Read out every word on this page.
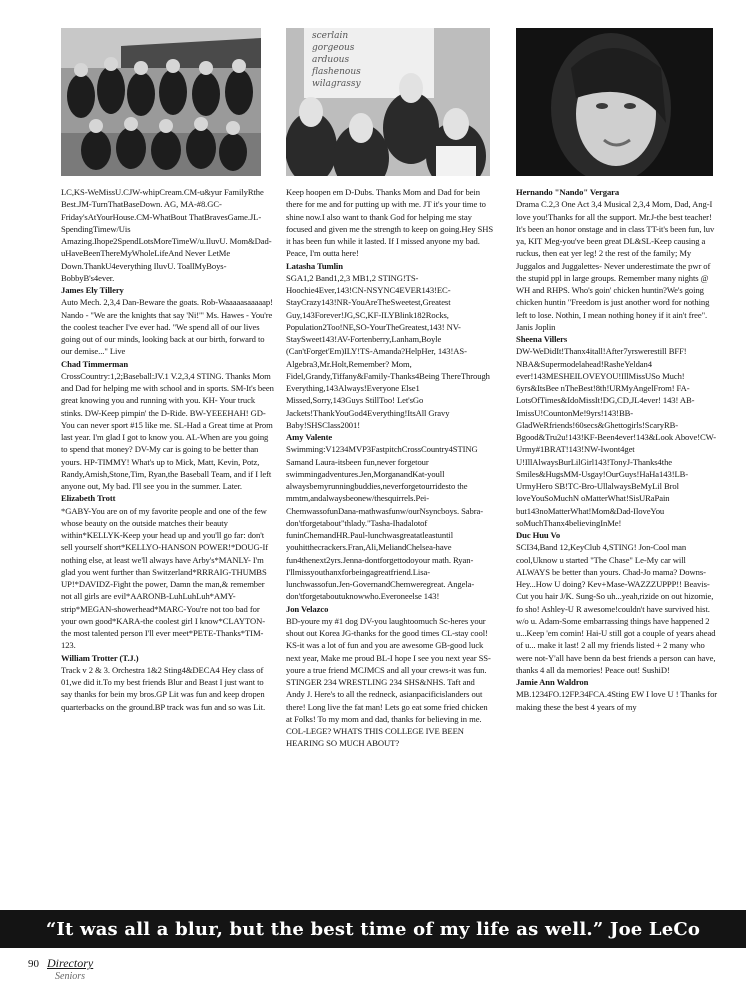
scerlain
gorgeous
arduous
flashenous
wilagrassy

LC,KS-WeMissU.CJW-whipCream.CM-u&yur FamilyRthe Best.JM-TurnThatBaseDown. AG, MA-#8.GC-Friday'sAtYourHouse.CM-WhatBout ThatBravesGame.JL-SpendingTimew/Uis Amazing.Ihope2SpendLotsMoreTimeW/u.IluvU. Mom&Dad-uHaveBeenThereMyWholeLifeAnd Never LetMe Down.ThankU4everything IluvU. ToallMyBoys-BobbyB's4ever.

James Ely Tillery
Auto Mech. 2,3,4 Dan-Beware the goats. Rob-Waaaaasaaaaap! Nando - "We are the knights that say 'Ni!'" Ms. Hawes - You're the coolest teacher I've ever had. "We spend all of our lives going out of our minds, looking back at our birth, forward to our demise..." Live

Chad Timmerman
CrossCountry:1,2;Baseball:JV.1 V.2,3,4 STING. Thanks Mom and Dad for helping me with school and in sports. SM-It's been great knowing you and running with you. KH- Your truck stinks. DW-Keep pimpin' the D-Ride. BW-YEEEHAH! GD-You can never sport #15 like me. SL-Had a Great time at Prom last year. I'm glad I got to know you. AL-When are you going to spend that money? DV-My car is going to be better than yours. HP-TIMMY! What's up to Mick, Matt, Kevin, Potz, Randy,Amish,Stone,Tim, Ryan,the Baseball Team, and if I left anyone out, My bad. I'll see you in the summer. Later.

Elizabeth Trott
*GABY-You are on of my favorite people and one of the few whose beauty on the outside matches their beauty within*KELLYK-Keep your head up and you'll go far: don't sell yourself short*KELLYO-HANSON POWER!*DOUG-If nothing else, at least we'll always have Arby's*MANLY- I'm glad you went further than Switzerland*RRRAIG-THUMBS UP!*DAVIDZ-Fight the power, Damn the man,& remember not all girls are evil*AARONB-LuhLuhLuh*AMY-strip*MEGAN-showerhead*MARC-You're not too bad for your own good*KARA-the coolest girl I know*CLAYTON- the most talented person I'll ever meet*PETE-Thanks*TIM-123.

William Trotter (T.J.)
Track v 2 & 3. Orchestra 1&2 Sting4&DECA4 Hey class of 01,we did it.To my best friends Blur and Beast I just want to say thanks for bein my bros.GP Lit was fun and keep dropen quarterbacks on the ground.BP track was fun and so was Lit.

Keep hoopen em D-Dubs. Thanks Mom and Dad for bein there for me and for putting up with me. JT it's your time to shine now.I also want to thank God for helping me stay focused and given me the strength to keep on going.Hey SHS it has been fun while it lasted. If I missed anyone my bad. Peace, I'm outta here!

Latasha Tumlin
SGA1,2 Band1,2,3 MB1,2 STING!TS-Hoochie4Ever,143!CN-NSYNC4EVER143!EC-StayCrazy143!NR-YouAreTheSweetest,Greatest Guy,143Forever!JG,SC,KF-ILYBlink182Rocks, Population2Too!NE,SO-YourTheGreatest,143! NV-StaySweet143!AV-Fortenberry,Lanham,Boyle (Can'tForget'Em)ILY!TS-Amanda?HelpHer, 143!AS-Algebra3,Mr.Holt,Remember? Mom, Fidel,Grandy,Tiffany&Family-Thanks4Being ThereThrough Everything,143Always!Everyone Else1 Missed,Sorry,143Guys StillToo! Let'sGo Jackets!ThankYouGod4Everything!ItsAll Gravy Baby!SHSClass2001!

Amy Valente
Swimming:V1234MVP3FastpitchCrossCountry4STING Samand Laura-itsbeen fun,never forgetour swimmingadventures.Jen,MorganandKat-youll alwaysbemyrunningbuddies,neverforgetourridesto the mmtm,andalwaysbeonew/thesquirrels.Pei-ChemwassofunDana-mathwasfunw/ourNsyncboys. Sabra-don'tforgetabout"thlady."Tasha-Ihadalotof funinChemandHR.Paul-lunchwasgreatatleastuntil youhitthecrackers.Fran,Ali,MeliandChelsea-have fun4thenext2yrs.Jenna-dontforgettodoyour math. Ryan-I'llmissyouthanxforbeingagreatfriend.Lisa-lunchwassofun.Jen-GovernandChemweregreat. Angela-don'tforgetaboutuknowwho.Everoneelse 143!

Jon Velazco
BD-youre my #1 dog DV-you laughtoomuch Sc-heres your shout out Korea JG-thanks for the good times CL-stay cool! KS-it was a lot of fun and you are awesome GB-good luck next year, Make me proud BL-I hope I see you next year SS-youre a true friend MCJMCS and all your crews-it was fun. STINGER 234 WRESTLING 234 SHS&NHS. Taft and Andy J. Here's to all the redneck, asianpacificislanders out there! Long live the fat man! Lets go eat some fried chicken at Folks! To my mom and dad, thanks for believing in me. COL-LEGE? WHATS THIS COLLEGE IVE BEEN HEARING SO MUCH ABOUT?

Hernando "Nando" Vergara
Drama C.2,3 One Act 3,4 Musical 2,3,4 Mom, Dad, Ang-I love you!Thanks for all the support. Mr.J-the best teacher! It's been an honor onstage and in class TT-it's been fun, luv ya, KIT Meg-you've been great DL&SL-Keep causing a ruckus, then eat yer leg! 2 the rest of the family; My Juggalos and Juggalettes- Never underestimate the pwr of the stupid ppl in large groups. Remember many nights @ WH and RHPS. Who's goin' chicken huntin?We's going chicken huntin "Freedom is just another word for nothing left to lose. Nothin, I mean nothing honey if it ain't free". Janis Joplin

Sheena Villers
DW-WeDidIt!Thanx4itall!After7yrswerestill BFF! NBA&Supermodelahead!RasheYeldan4 ever!143MESHEILOVEYOU!IllMissUSo Much! 6yrs&ItsBee nTheBest!8th!URMyAngelFrom! FA-LotsOfTimes&IdoMissIt!DG,CD,JL4ever! 143! AB-ImissU!CountonMe!9yrs!143!BB-GladWeRfriends!60secs&Ghettogirls!ScaryRB-Bgood&Tru2u!143!KF-Been4ever!143&Look Above!CW-Urmy#1BRAT!143!NW-Iwont4get U!IllAlwaysBurLilGirl143!TonyJ-Thanks4the Smiles&HugsMM-Usgay!OurGuys!HaHa143!LB-UrmyHero SB!TC-Bro-UllalwaysBeMyLil Brol loveYouSoMuchN oMatterWhat!SisURaPain but143noMatterWhat!Mom&Dad-IloveYou soMuchThanx4believingInMe!

Duc Huu Vo
SCI34,Band 12,KeyClub 4,STING! Jon-Cool man cool,Uknow u started "The Chase" Le-My car will ALWAYS be better than yours. Chad-Jo mama? Downs-Hey...How U doing? Kev+Mase-WAZZZUPPP!! Beavis-Cut you hair J/K. Sung-So uh...yeah,rizide on out hizomie, fo sho! Ashley-U R awesome!couldn't have survived hist. w/o u. Adam-Some embarrassing things have happened 2 u...Keep 'em comin! Hai-U still got a couple of years ahead of u... make it last! 2 all my friends listed + 2 many who were not-Y'all have benn da best friends a person can have, thanks 4 all da memories! Peace out! SushiD!

Jamie Ann Waldron
MB.1234FO.12FP.34FCA.4Sting EW I love U ! Thanks for making these the best 4 years of my

“It was all a blur, but the best time of my life as well.” Joe LeCo
90 Directory
Seniors
